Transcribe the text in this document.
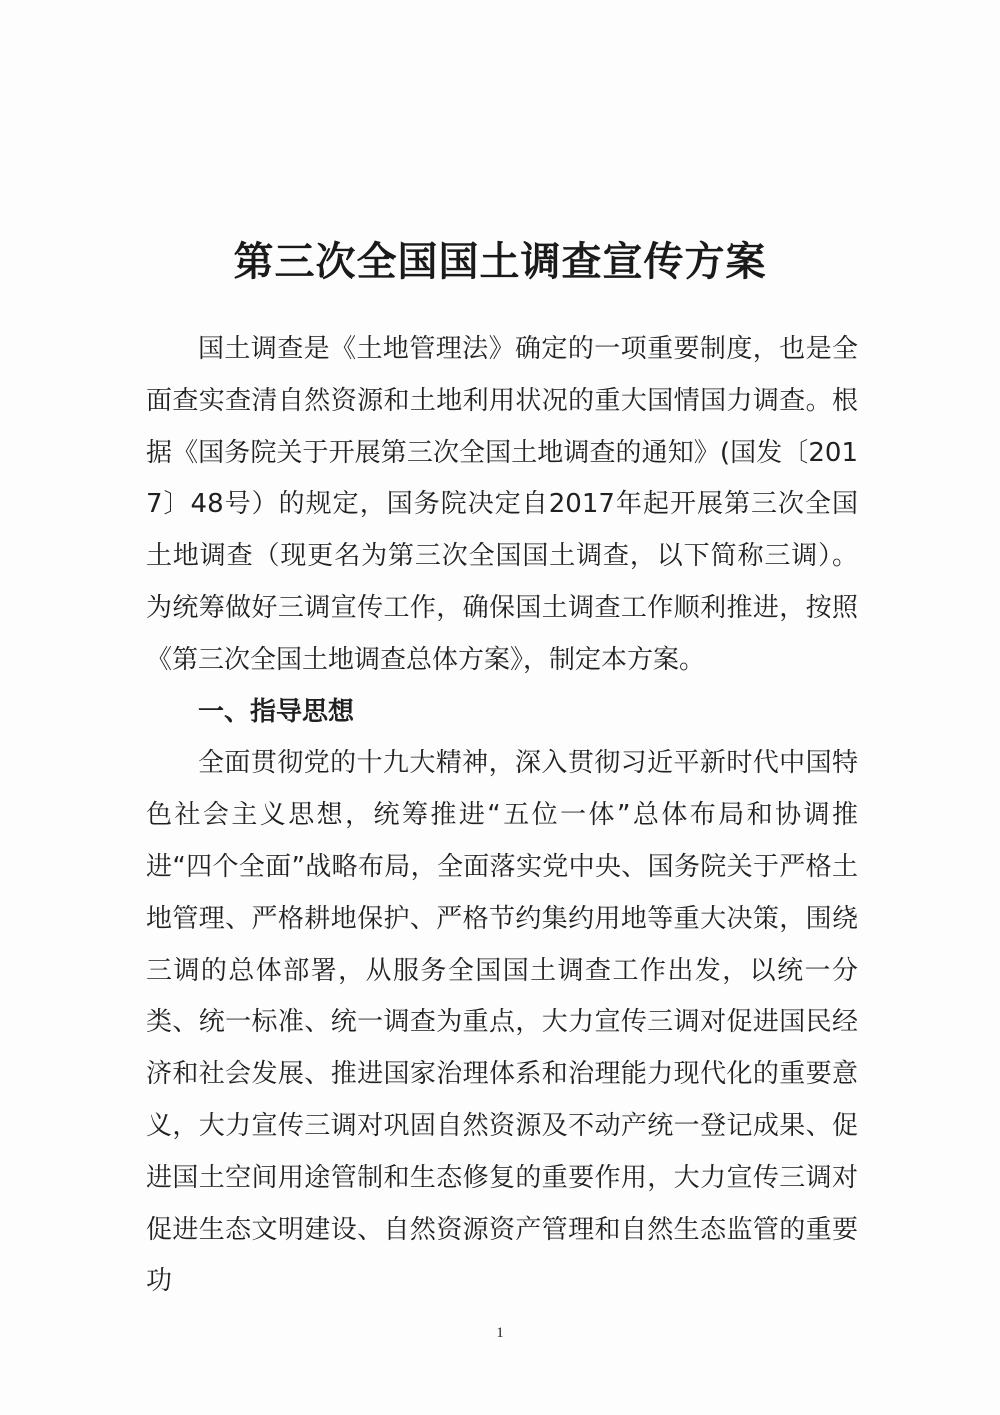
第三次全国国土调查宣传方案

国土调查是《土地管理法》确定的一项重要制度，也是全面查实查清自然资源和土地利用状况的重大国情国力调查。根据《国务院关于开展第三次全国土地调查的通知》(国发〔2017〕48号）的规定，国务院决定自2017年起开展第三次全国土地调查（现更名为第三次全国国土调查，以下简称三调）。为统筹做好三调宣传工作，确保国土调查工作顺利推进，按照《第三次全国土地调查总体方案》，制定本方案。

一、指导思想

全面贯彻党的十九大精神，深入贯彻习近平新时代中国特色社会主义思想，统筹推进“五位一体”总体布局和协调推进“四个全面”战略布局，全面落实党中央、国务院关于严格土地管理、严格耕地保护、严格节约集约用地等重大决策，围绕三调的总体部署，从服务全国国土调查工作出发，以统一分类、统一标准、统一调查为重点，大力宣传三调对促进国民经济和社会发展、推进国家治理体系和治理能力现代化的重要意义，大力宣传三调对巩固自然资源及不动产统一登记成果、促进国土空间用途管制和生态修复的重要作用，大力宣传三调对促进生态文明建设、自然资源资产管理和自然生态监管的重要功

1
